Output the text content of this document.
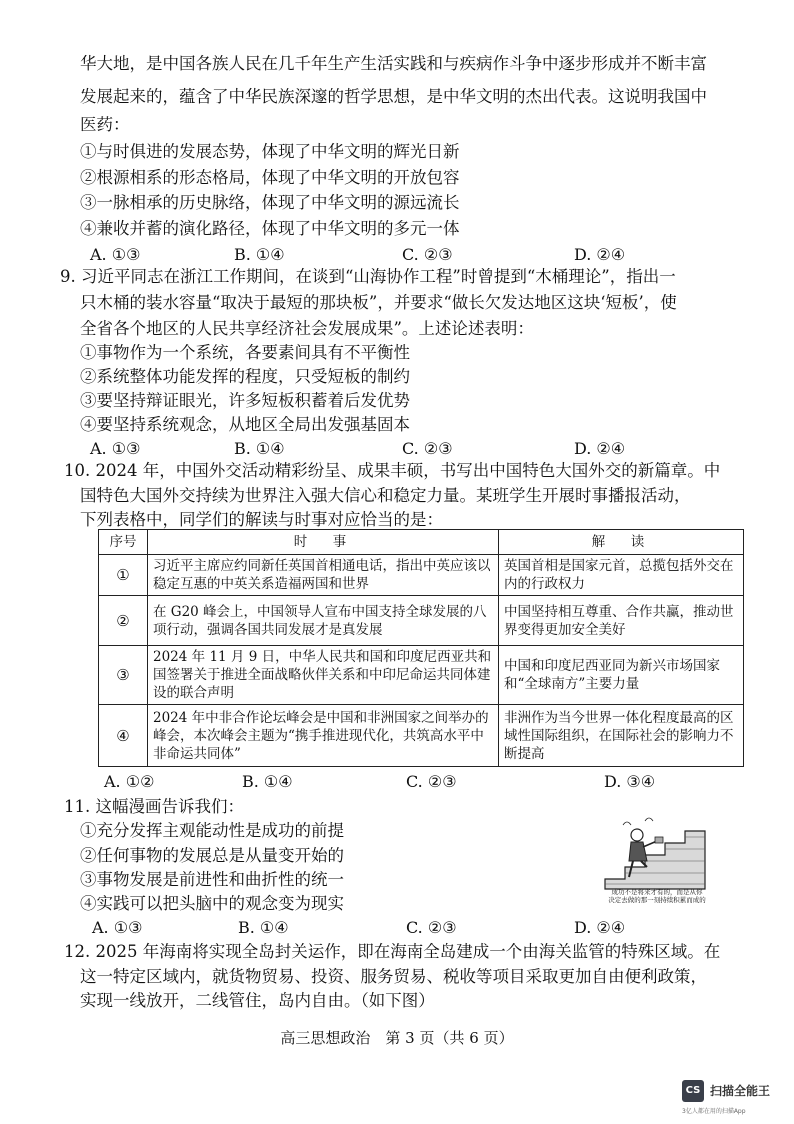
华大地，是中国各族人民在几千年生产生活实践和与疾病作斗争中逐步形成并不断丰富
发展起来的，蕴含了中华民族深邃的哲学思想，是中华文明的杰出代表。这说明我国中
医药：
①与时俱进的发展态势，体现了中华文明的辉光日新
②根源相系的形态格局，体现了中华文明的开放包容
③一脉相承的历史脉络，体现了中华文明的源远流长
④兼收并蓄的演化路径，体现了中华文明的多元一体
A. ①③	B. ①④	C. ②③	D. ②④
9. 习近平同志在浙江工作期间，在谈到“山海协作工程”时曾提到“木桶理论”，指出一
只木桶的装水容量“取决于最短的那块板”，并要求“做长欠发达地区这块‘短板’，使
全省各个地区的人民共享经济社会发展成果”。上述论述表明：
①事物作为一个系统，各要素间具有不平衡性
②系统整体功能发挥的程度，只受短板的制约
③要坚持辩证眼光，许多短板积蓄着后发优势
④要坚持系统观念，从地区全局出发强基固本
A. ①③	B. ①④	C. ②③	D. ②④
10. 2024 年，中国外交活动精彩纷呈、成果丰硕，书写出中国特色大国外交的新篇章。中
国特色大国外交持续为世界注入强大信心和稳定力量。某班学生开展时事播报活动，
下列表格中，同学们的解读与时事对应恰当的是：
序号	时　事	解　读
①	习近平主席应约同新任英国首相通电话，指出中英应该以稳定互惠的中英关系造福两国和世界	英国首相是国家元首，总揽包括外交在内的行政权力
②	在 G20 峰会上，中国领导人宣布中国支持全球发展的八项行动，强调各国共同发展才是真发展	中国坚持相互尊重、合作共赢，推动世界变得更加安全美好
③	2024 年 11 月 9 日，中华人民共和国和印度尼西亚共和国签署关于推进全面战略伙伴关系和中印尼命运共同体建设的联合声明	中国和印度尼西亚同为新兴市场国家和“全球南方”主要力量
④	2024 年中非合作论坛峰会是中国和非洲国家之间举办的峰会，本次峰会主题为“携手推进现代化，共筑高水平中非命运共同体”	非洲作为当今世界一体化程度最高的区域性国际组织，在国际社会的影响力不断提高
A. ①②	B. ①④	C. ②③	D. ③④
11. 这幅漫画告诉我们：
①充分发挥主观能动性是成功的前提
②任何事物的发展总是从量变开始的
③事物发展是前进性和曲折性的统一
④实践可以把头脑中的观念变为现实
成功不是将来才有的，而是从你
决定去做的那一刻持续积累而成的
A. ①③	B. ①④	C. ②③	D. ②④
12. 2025 年海南将实现全岛封关运作，即在海南全岛建成一个由海关监管的特殊区域。在
这一特定区域内，就货物贸易、投资、服务贸易、税收等项目采取更加自由便利政策，
实现一线放开，二线管住，岛内自由。（如下图）
高三思想政治　第 3 页（共 6 页）
CS 扫描全能王
3亿人都在用的扫描App
